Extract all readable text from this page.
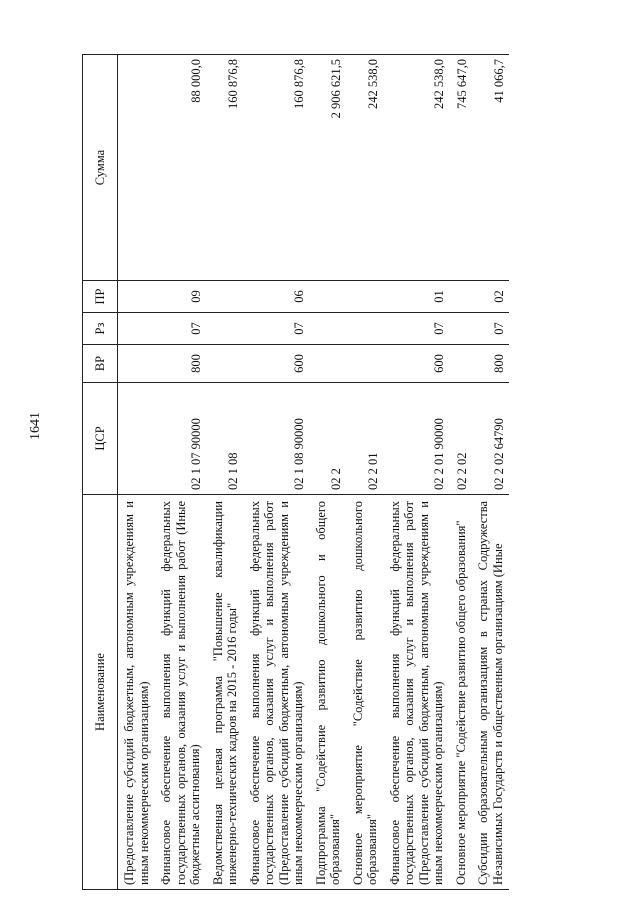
1641
Наименование	ЦСР	ВР	Рз	ПР	Сумма
(Предоставление субсидий бюджетным, автономным учреждениям и иным некоммерческим организациям)					
Финансовое обеспечение выполнения функций федеральных государственных органов, оказания услуг и выполнения работ (Иные бюджетные ассигнования)	02 1 07 90000	800	07	09	88 000,0
Ведомственная целевая программа "Повышение квалификации инженерно-технических кадров на 2015 - 2016 годы"	02 1 08				160 876,8
Финансовое обеспечение выполнения функций федеральных государственных органов, оказания услуг и выполнения работ (Предоставление субсидий бюджетным, автономным учреждениям и иным некоммерческим организациям)	02 1 08 90000	600	07	06	160 876,8
Подпрограмма "Содействие развитию дошкольного и общего образования"	02 2				2 906 621,5
Основное мероприятие "Содействие развитию дошкольного образования"	02 2 01				242 538,0
Финансовое обеспечение выполнения функций федеральных государственных органов, оказания услуг и выполнения работ (Предоставление субсидий бюджетным, автономным учреждениям и иным некоммерческим организациям)	02 2 01 90000	600	07	01	242 538,0
Основное мероприятие "Содействие развитию общего образования"	02 2 02				745 647,0
Субсидии образовательным организациям в странах Содружества Независимых Государств и общественным организациям (Иные	02 2 02 64790	800	07	02	41 066,7
